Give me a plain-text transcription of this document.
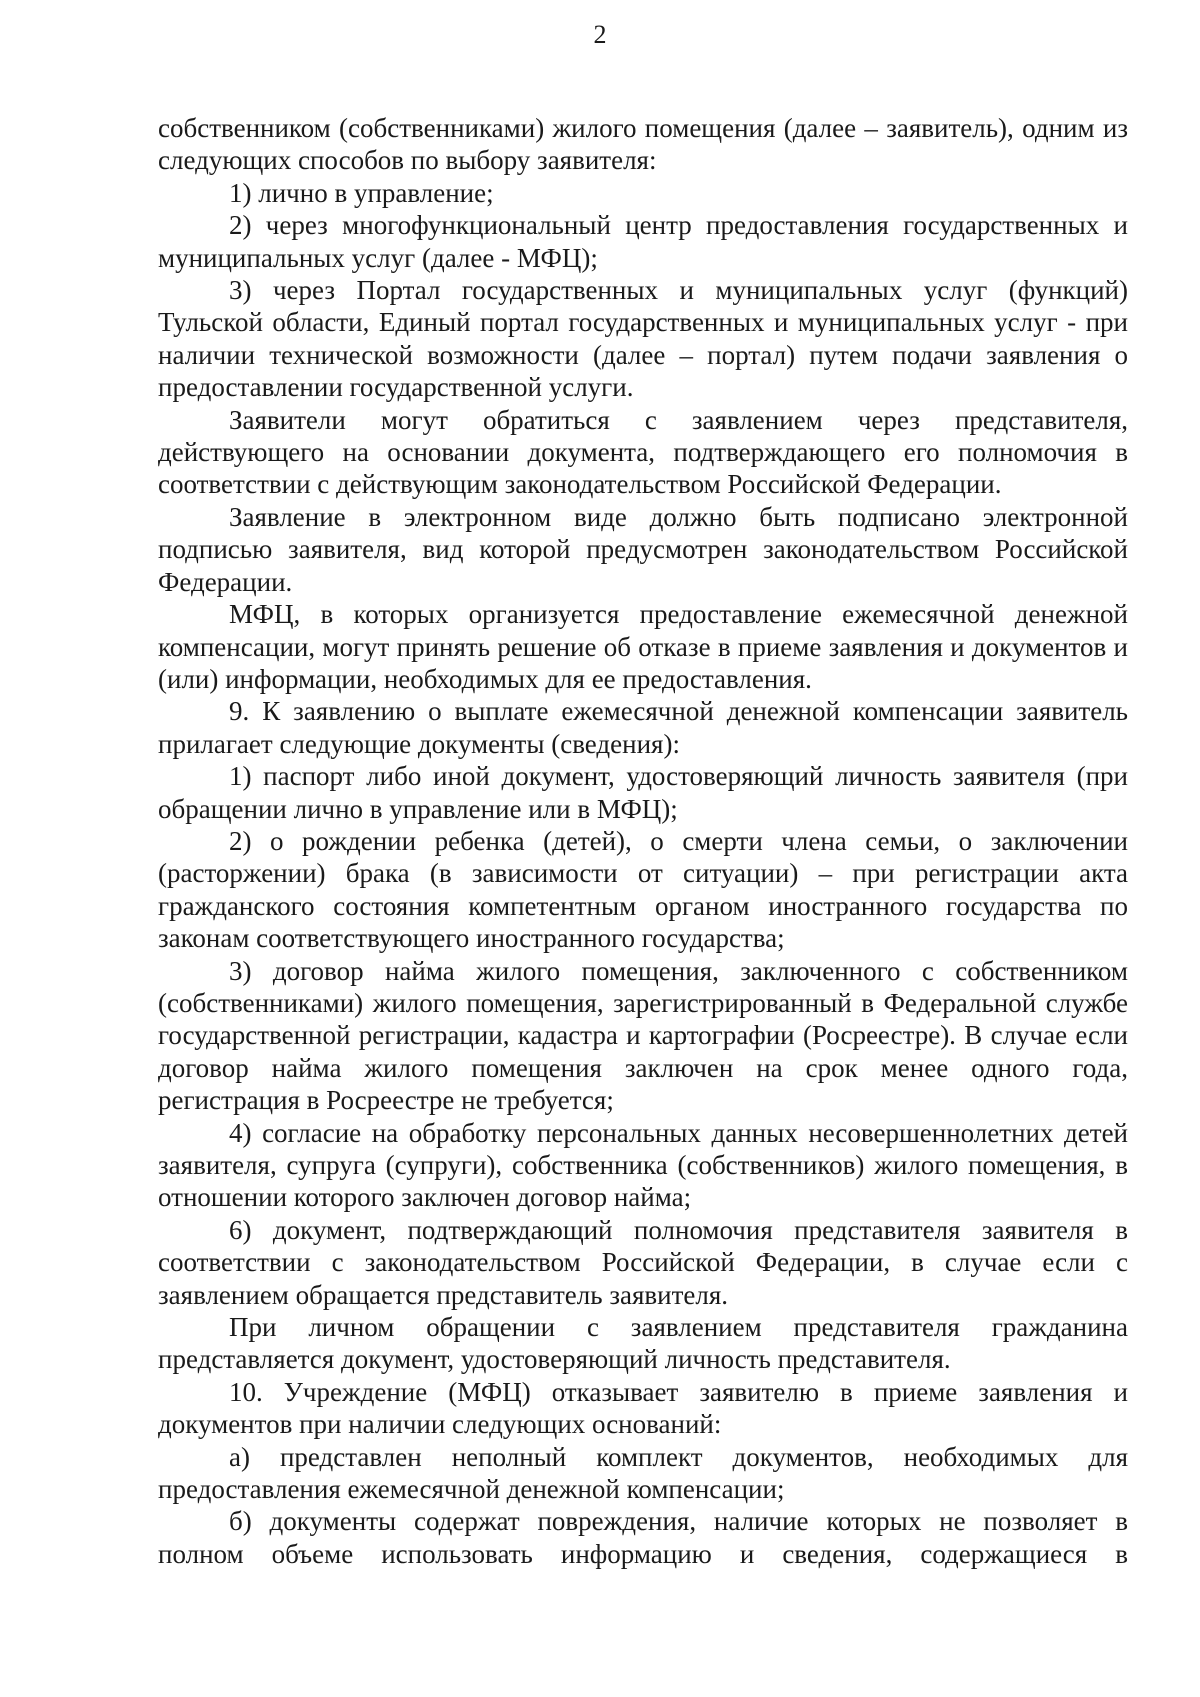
2

собственником (собственниками) жилого помещения (далее – заявитель), одним из следующих способов по выбору заявителя:

1) лично в управление;

2) через многофункциональный центр предоставления государственных и муниципальных услуг (далее - МФЦ);

3) через Портал государственных и муниципальных услуг (функций) Тульской области, Единый портал государственных и муниципальных услуг - при наличии технической возможности (далее – портал) путем подачи заявления о предоставлении государственной услуги.

Заявители могут обратиться с заявлением через представителя, действующего на основании документа, подтверждающего его полномочия в соответствии с действующим законодательством Российской Федерации.

Заявление в электронном виде должно быть подписано электронной подписью заявителя, вид которой предусмотрен законодательством Российской Федерации.

МФЦ, в которых организуется предоставление ежемесячной денежной компенсации, могут принять решение об отказе в приеме заявления и документов и (или) информации, необходимых для ее предоставления.

9. К заявлению о выплате ежемесячной денежной компенсации заявитель прилагает следующие документы (сведения):

1) паспорт либо иной документ, удостоверяющий личность заявителя (при обращении лично в управление или в МФЦ);

2) о рождении ребенка (детей), о смерти члена семьи, о заключении (расторжении) брака (в зависимости от ситуации) – при регистрации акта гражданского состояния компетентным органом иностранного государства по законам соответствующего иностранного государства;

3) договор найма жилого помещения, заключенного с собственником (собственниками) жилого помещения, зарегистрированный в Федеральной службе государственной регистрации, кадастра и картографии (Росреестре). В случае если договор найма жилого помещения заключен на срок менее одного года, регистрация в Росреестре не требуется;

4) согласие на обработку персональных данных несовершеннолетних детей заявителя, супруга (супруги), собственника (собственников) жилого помещения, в отношении которого заключен договор найма;

6) документ, подтверждающий полномочия представителя заявителя в соответствии с законодательством Российской Федерации, в случае если с заявлением обращается представитель заявителя.

При личном обращении с заявлением представителя гражданина представляется документ, удостоверяющий личность представителя.

10. Учреждение (МФЦ) отказывает заявителю в приеме заявления и документов при наличии следующих оснований:

а) представлен неполный комплект документов, необходимых для предоставления ежемесячной денежной компенсации;

б) документы содержат повреждения, наличие которых не позволяет в полном объеме использовать информацию и сведения, содержащиеся в
